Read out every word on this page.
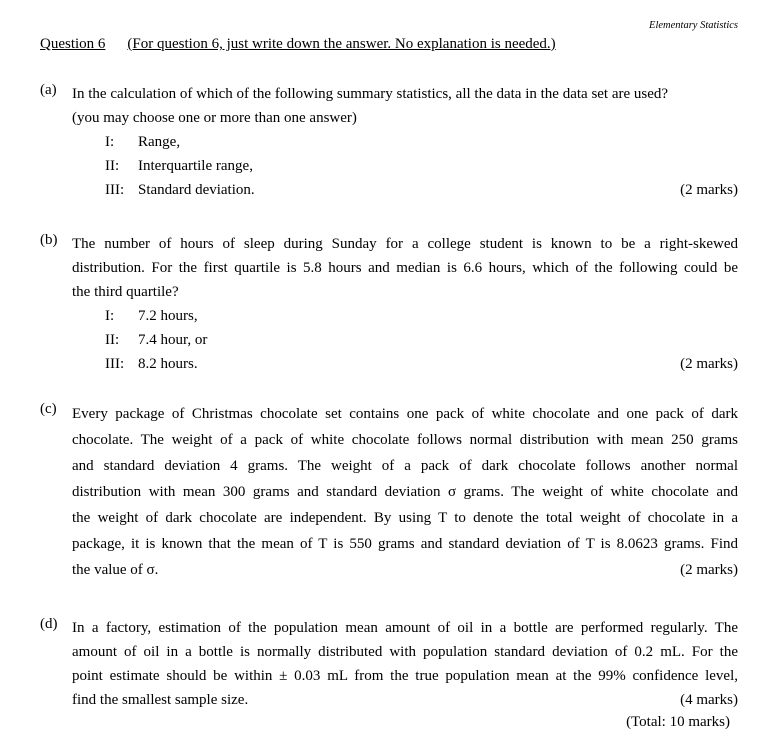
Elementary Statistics
Question 6 (For question 6, just write down the answer. No explanation is needed.)
(a) In the calculation of which of the following summary statistics, all the data in the data set are used?
(you may choose one or more than one answer)
I: Range,
II: Interquartile range,
III: Standard deviation.	(2 marks)
(b) The number of hours of sleep during Sunday for a college student is known to be a right-skewed
distribution. For the first quartile is 5.8 hours and median is 6.6 hours, which of the following could be
the third quartile?
I: 7.2 hours,
II: 7.4 hour, or
III: 8.2 hours.	(2 marks)
(c) Every package of Christmas chocolate set contains one pack of white chocolate and one pack of dark
chocolate. The weight of a pack of white chocolate follows normal distribution with mean 250 grams
and standard deviation 4 grams. The weight of a pack of dark chocolate follows another normal
distribution with mean 300 grams and standard deviation σ grams. The weight of white chocolate and
the weight of dark chocolate are independent. By using T to denote the total weight of chocolate in a
package, it is known that the mean of T is 550 grams and standard deviation of T is 8.0623 grams. Find
the value of σ.	(2 marks)
(d) In a factory, estimation of the population mean amount of oil in a bottle are performed regularly. The
amount of oil in a bottle is normally distributed with population standard deviation of 0.2 mL. For the
point estimate should be within ± 0.03 mL from the true population mean at the 99% confidence level,
find the smallest sample size.	(4 marks)
(Total: 10 marks)
